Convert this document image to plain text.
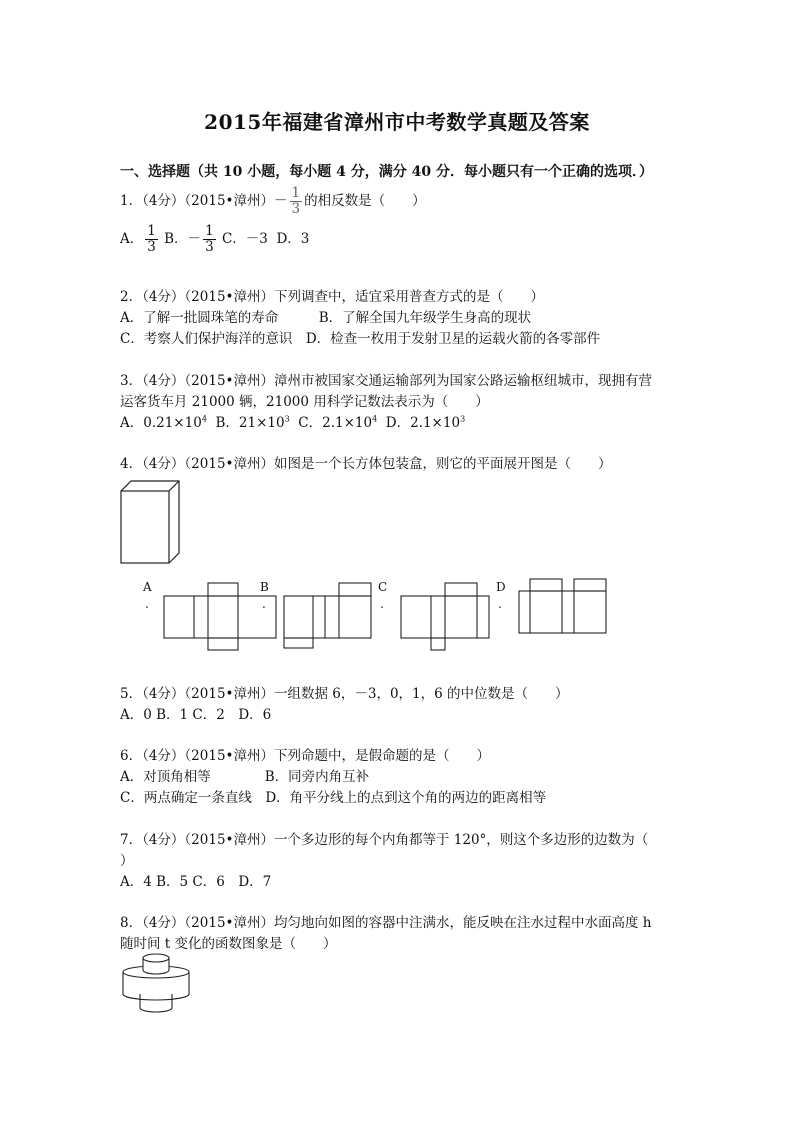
2015年福建省漳州市中考数学真题及答案
一、选择题（共 10 小题，每小题 4 分，满分 40 分．每小题只有一个正确的选项．）
1．（4分）（2015•漳州）－ $\frac{1}{3}$ 的相反数是（　　）
A． $\frac{1}{3}$ B．－ $\frac{1}{3}$ C．－3 D．3
2．（4分）（2015•漳州）下列调查中，适宜采用普查方式的是（　　）
A．了解一批圆珠笔的寿命　　　B．了解全国九年级学生身高的现状
C．考察人们保护海洋的意识　D．检查一枚用于发射卫星的运载火箭的各零部件
3．（4分）（2015•漳州）漳州市被国家交通运输部列为国家公路运输枢纽城市，现拥有营
运客货车月 21000 辆，21000 用科学记数法表示为（　　）
A．$0.21\times 10^4$ B．$21\times 10^3$ C．$2.1\times 10^4$ D．$2.1\times 10^3$
4．（4分）（2015•漳州）如图是一个长方体包装盒，则它的平面展开图是（　　）
A
.
B
.
C
.
D
.
5．（4分）（2015•漳州）一组数据 6，－3，0，1，6 的中位数是（　　）
A．0 B．1 C．2　D．6
6．（4分）（2015•漳州）下列命题中，是假命题的是（　　）
A．对顶角相等　　　　B．同旁内角互补
C．两点确定一条直线　D．角平分线上的点到这个角的两边的距离相等
7．（4分）（2015•漳州）一个多边形的每个内角都等于 120°，则这个多边形的边数为（
）
A．4 B．5 C．6　D．7
8．（4分）（2015•漳州）均匀地向如图的容器中注满水，能反映在注水过程中水面高度 h
随时间 t 变化的函数图象是（　　）
